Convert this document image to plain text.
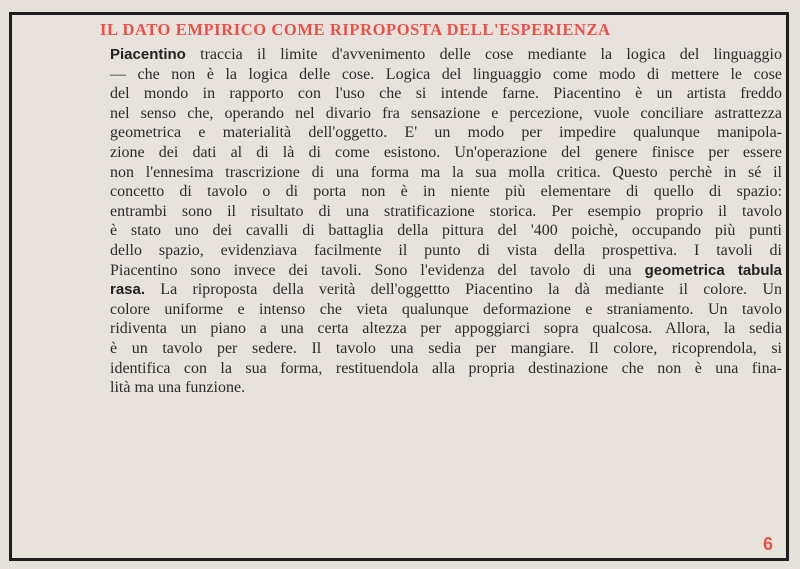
IL DATO EMPIRICO COME RIPROPOSTA DELL'ESPERIENZA
Piacentino traccia il limite d'avvenimento delle cose mediante la logica del linguaggio
— che non è la logica delle cose. Logica del linguaggio come modo di mettere le cose
del mondo in rapporto con l'uso che si intende farne. Piacentino è un artista freddo
nel senso che, operando nel divario fra sensazione e percezione, vuole conciliare astrattezza
geometrica e materialità dell'oggetto. E' un modo per impedire qualunque manipola-
zione dei dati al di là di come esistono. Un'operazione del genere finisce per essere
non l'ennesima trascrizione di una forma ma la sua molla critica. Questo perchè in sé il
concetto di tavolo o di porta non è in niente più elementare di quello di spazio:
entrambi sono il risultato di una stratificazione storica. Per esempio proprio il tavolo
è stato uno dei cavalli di battaglia della pittura del '400 poichè, occupando più punti
dello spazio, evidenziava facilmente il punto di vista della prospettiva. I tavoli di
Piacentino sono invece dei tavoli. Sono l'evidenza del tavolo di una geometrica tabula
rasa. La riproposta della verità dell'oggettto Piacentino la dà mediante il colore. Un
colore uniforme e intenso che vieta qualunque deformazione e straniamento. Un tavolo
ridiventa un piano a una certa altezza per appoggiarci sopra qualcosa. Allora, la sedia
è un tavolo per sedere. Il tavolo una sedia per mangiare. Il colore, ricoprendola, si
identifica con la sua forma, restituendola alla propria destinazione che non è una fina-
lità ma una funzione.
6
